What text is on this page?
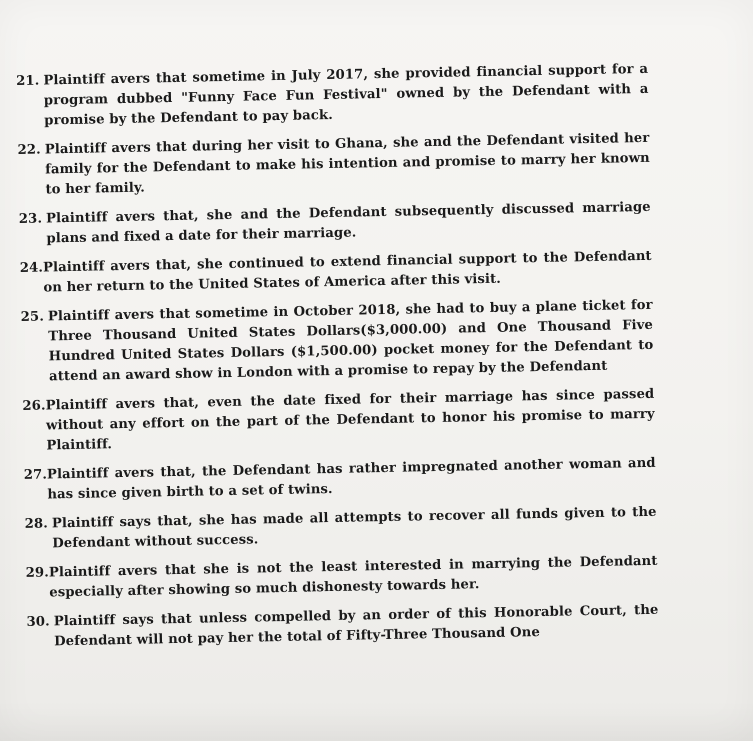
21. Plaintiff avers that sometime in July 2017, she provided financial support for a program dubbed "Funny Face Fun Festival" owned by the Defendant with a promise by the Defendant to pay back.
22. Plaintiff avers that during her visit to Ghana, she and the Defendant visited her family for the Defendant to make his intention and promise to marry her known to her family.
23. Plaintiff avers that, she and the Defendant subsequently discussed marriage plans and fixed a date for their marriage.
24. Plaintiff avers that, she continued to extend financial support to the Defendant on her return to the United States of America after this visit.
25. Plaintiff avers that sometime in October 2018, she had to buy a plane ticket for Three Thousand United States Dollars($3,000.00) and One Thousand Five Hundred United States Dollars ($1,500.00) pocket money for the Defendant to attend an award show in London with a promise to repay by the Defendant
26. Plaintiff avers that, even the date fixed for their marriage has since passed without any effort on the part of the Defendant to honor his promise to marry Plaintiff.
27. Plaintiff avers that, the Defendant has rather impregnated another woman and has since given birth to a set of twins.
28. Plaintiff says that, she has made all attempts to recover all funds given to the Defendant without success.
29. Plaintiff avers that she is not the least interested in marrying the Defendant especially after showing so much dishonesty towards her.
30. Plaintiff says that unless compelled by an order of this Honorable Court, the Defendant will not pay her the total of Fifty-Three Thousand One
